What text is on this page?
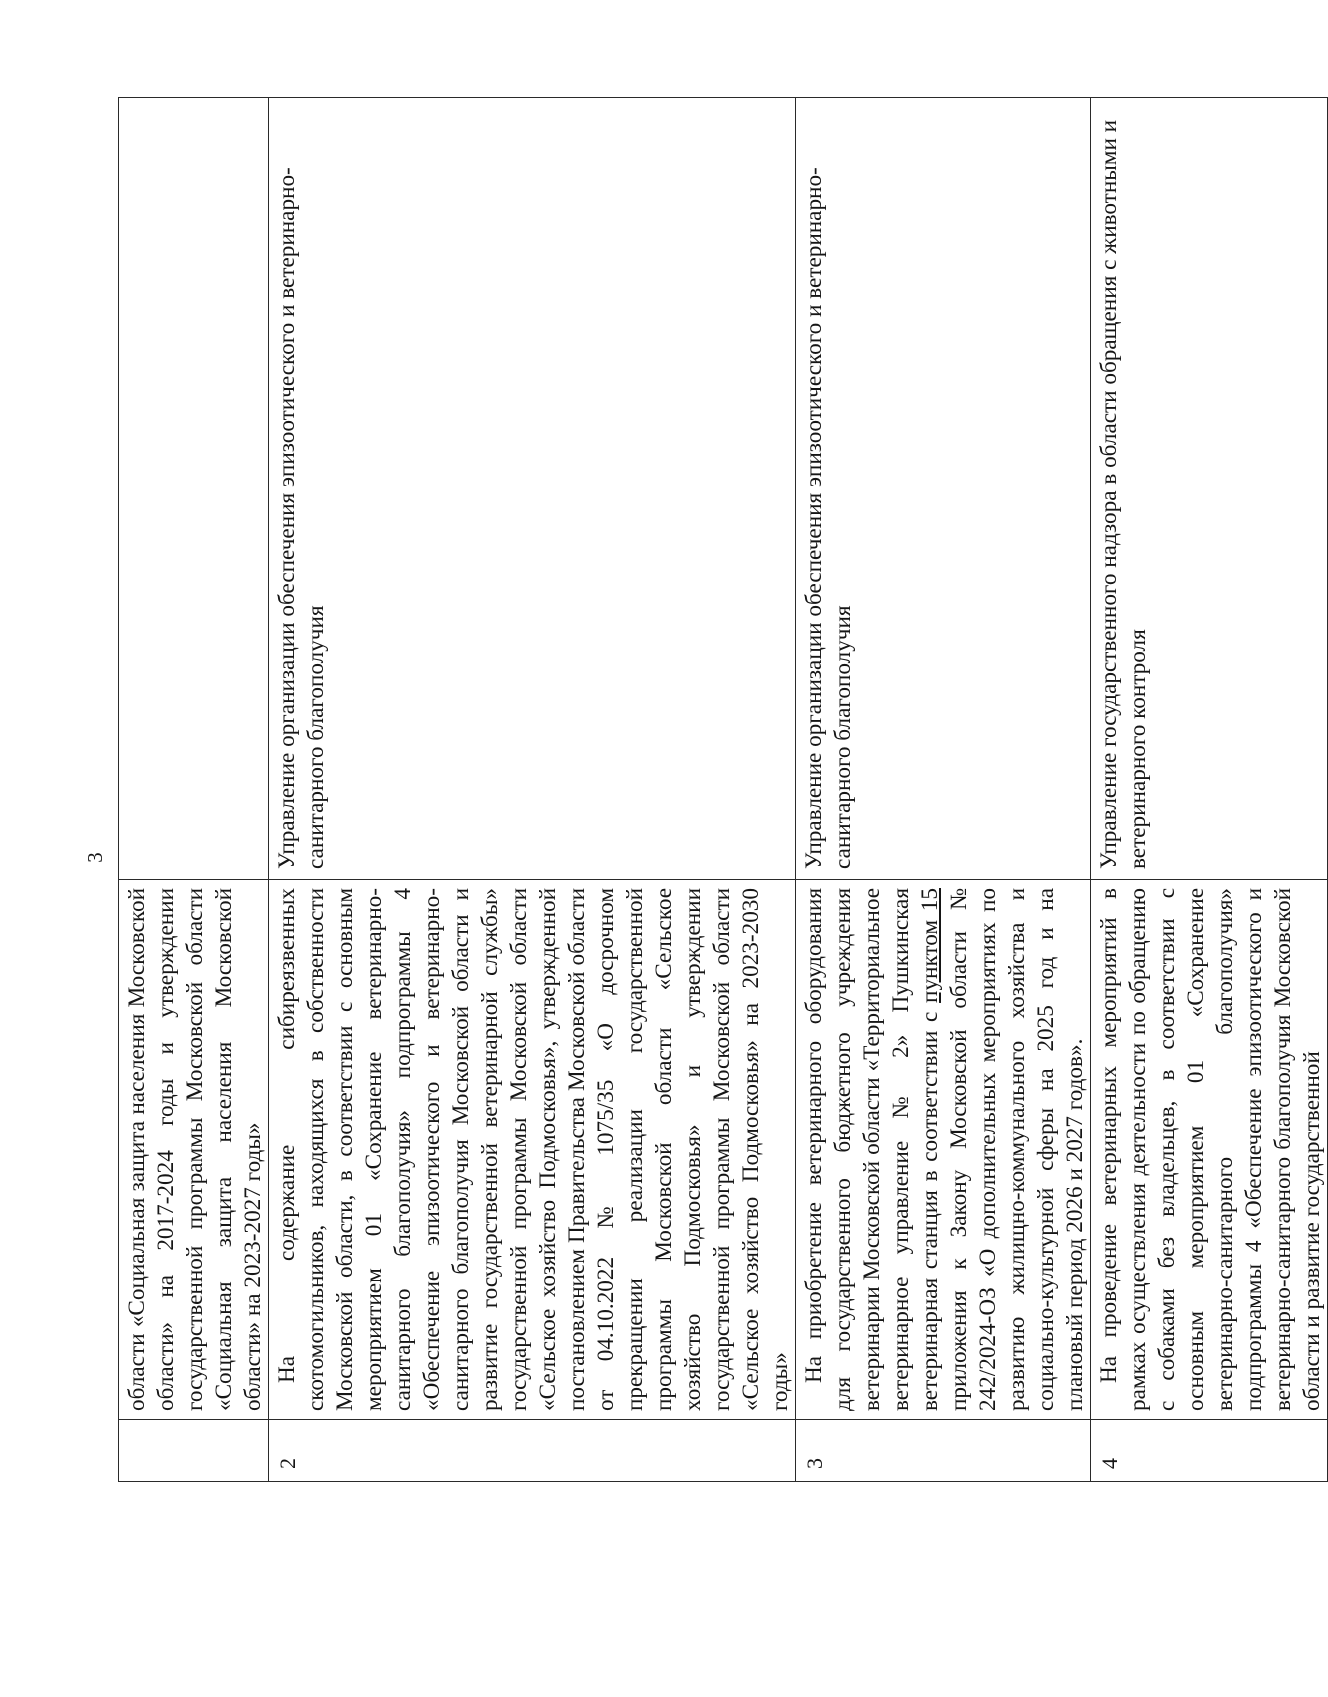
3
	области «Социальная защита населения Московской области» на 2017-2024 годы и утверждении государственной программы Московской области «Социальная защита населения Московской области» на 2023-2027 годы»	
2	На содержание сибиреязвенных скотомогильников, находящихся в собственности Московской области, в соответствии с основным мероприятием 01 «Сохранение ветеринарно-санитарного благополучия» подпрограммы 4 «Обеспечение эпизоотического и ветеринарно-санитарного благополучия Московской области и развитие государственной ветеринарной службы» государственной программы Московской области «Сельское хозяйство Подмосковья», утвержденной постановлением Правительства Московской области от 04.10.2022 № 1075/35 «О досрочном прекращении реализации государственной программы Московской области «Сельское хозяйство Подмосковья» и утверждении государственной программы Московской области «Сельское хозяйство Подмосковья» на 2023-2030 годы»	Управление организации обеспечения эпизоотического и ветеринарно-санитарного благополучия
3	На приобретение ветеринарного оборудования для государственного бюджетного учреждения ветеринарии Московской области «Территориальное ветеринарное управление № 2» Пушкинская ветеринарная станция в соответствии с пунктом 15 приложения к Закону Московской области № 242/2024-ОЗ «О дополнительных мероприятиях по развитию жилищно-коммунального хозяйства и социально-культурной сферы на 2025 год и на плановый период 2026 и 2027 годов».	Управление организации обеспечения эпизоотического и ветеринарно-санитарного благополучия
4	На проведение ветеринарных мероприятий в рамках осуществления деятельности по обращению с собаками без владельцев, в соответствии с основным мероприятием 01 «Сохранение ветеринарно-санитарного благополучия» подпрограммы 4 «Обеспечение эпизоотического и ветеринарно-санитарного благополучия Московской области и развитие государственной	Управление государственного надзора в области обращения с животными и ветеринарного контроля
